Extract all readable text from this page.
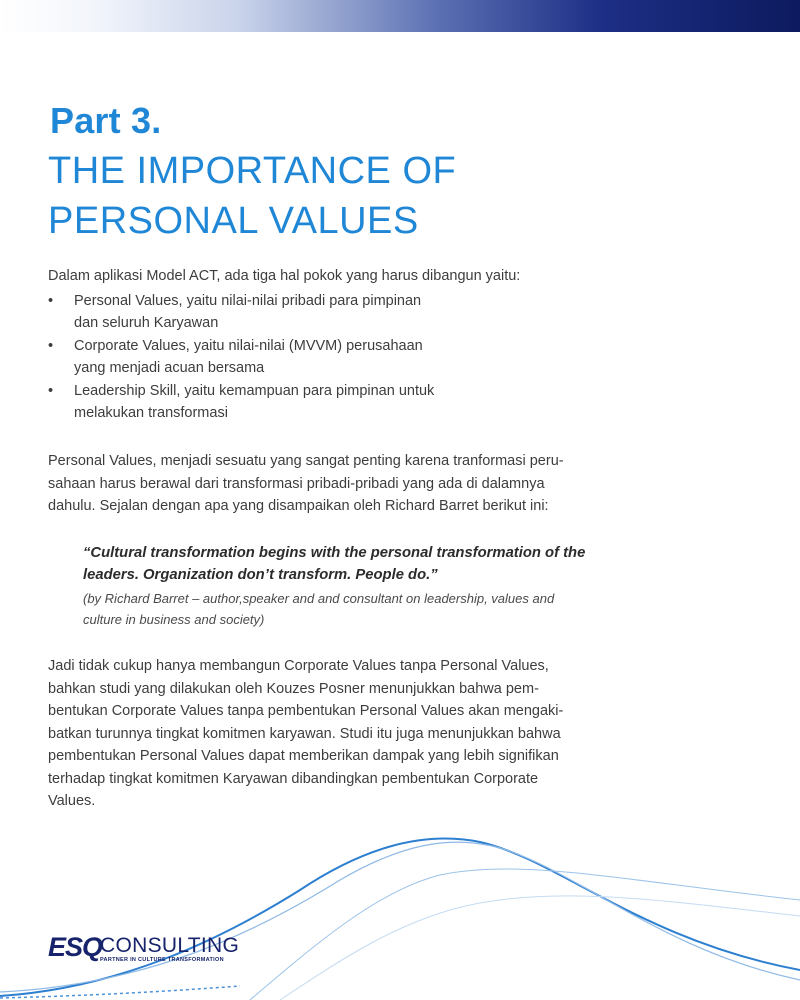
Part 3.
THE IMPORTANCE OF
PERSONAL VALUES
Dalam aplikasi Model ACT, ada tiga hal pokok yang harus dibangun yaitu:
• Personal Values, yaitu nilai-nilai pribadi para pimpinan
dan seluruh Karyawan
• Corporate Values, yaitu nilai-nilai (MVVM) perusahaan
yang menjadi acuan bersama
• Leadership Skill, yaitu kemampuan para pimpinan untuk
melakukan transformasi
Personal Values, menjadi sesuatu yang sangat penting karena tranformasi peru-
sahaan harus berawal dari transformasi pribadi-pribadi yang ada di dalamnya
dahulu. Sejalan dengan apa yang disampaikan oleh Richard Barret berikut ini:
“Cultural transformation begins with the personal transformation of the
leaders. Organization don’t transform. People do.”
(by Richard Barret – author,speaker and and consultant on leadership, values and
culture in business and society)
Jadi tidak cukup hanya membangun Corporate Values tanpa Personal Values,
bahkan studi yang dilakukan oleh Kouzes Posner menunjukkan bahwa pem-
bentukan Corporate Values tanpa pembentukan Personal Values akan mengaki-
batkan turunnya tingkat komitmen karyawan. Studi itu juga menunjukkan bahwa
pembentukan Personal Values dapat memberikan dampak yang lebih signifikan
terhadap tingkat komitmen Karyawan dibandingkan pembentukan Corporate
Values.
ESQ
CONSULTING
PARTNER IN CULTURE TRANSFORMATION
